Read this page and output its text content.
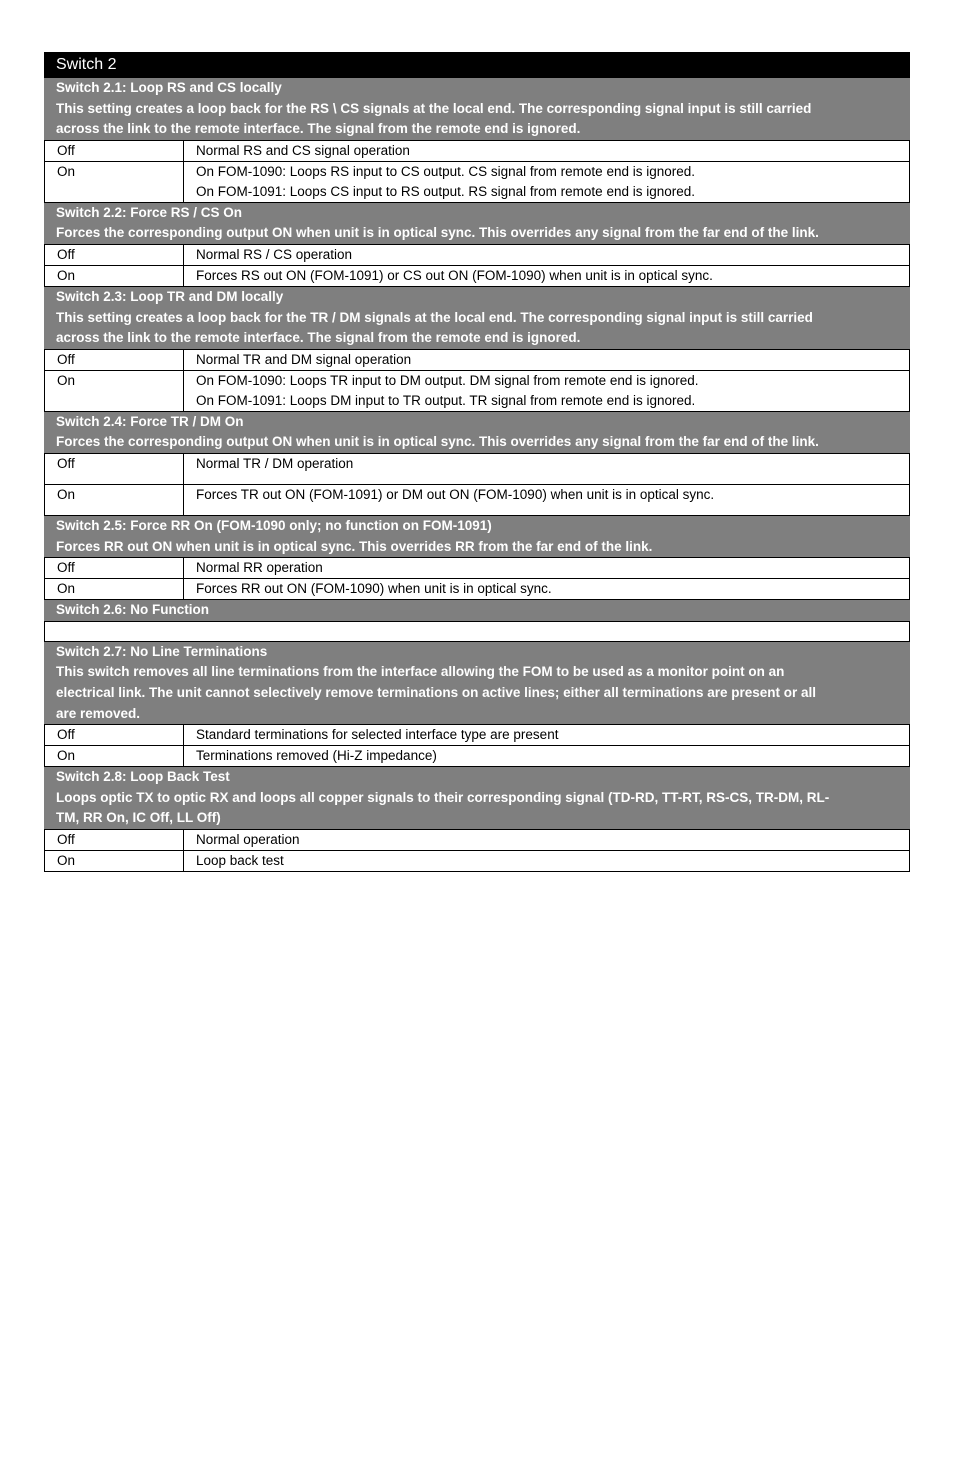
Switch 2
Switch 2.1: Loop RS and CS locally
This setting creates a loop back for the RS \ CS signals at the local end. The corresponding signal input is still carried
across the link to the remote interface. The signal from the remote end is ignored.
Off	Normal RS and CS signal operation
On	On FOM-1090: Loops RS input to CS output. CS signal from remote end is ignored.
On FOM-1091: Loops CS input to RS output. RS signal from remote end is ignored.
Switch 2.2: Force RS / CS On
Forces the corresponding output ON when unit is in optical sync. This overrides any signal from the far end of the link.
Off	Normal RS / CS operation
On	Forces RS out ON (FOM-1091) or CS out ON (FOM-1090) when unit is in optical sync.
Switch 2.3: Loop TR and DM locally
This setting creates a loop back for the TR / DM signals at the local end. The corresponding signal input is still carried
across the link to the remote interface. The signal from the remote end is ignored.
Off	Normal TR and DM signal operation
On	On FOM-1090: Loops TR input to DM output. DM signal from remote end is ignored.
On FOM-1091: Loops DM input to TR output. TR signal from remote end is ignored.
Switch 2.4: Force TR / DM On
Forces the corresponding output ON when unit is in optical sync. This overrides any signal from the far end of the link.
Off	Normal TR / DM operation
On	Forces TR out ON (FOM-1091) or DM out ON (FOM-1090) when unit is in optical sync.
Switch 2.5: Force RR On (FOM-1090 only; no function on FOM-1091)
Forces RR out ON when unit is in optical sync. This overrides RR from the far end of the link.
Off	Normal RR operation
On	Forces RR out ON (FOM-1090) when unit is in optical sync.
Switch 2.6: No Function
Switch 2.7: No Line Terminations
This switch removes all line terminations from the interface allowing the FOM to be used as a monitor point on an
electrical link. The unit cannot selectively remove terminations on active lines; either all terminations are present or all
are removed.
Off	Standard terminations for selected interface type are present
On	Terminations removed (Hi-Z impedance)
Switch 2.8: Loop Back Test
Loops optic TX to optic RX and loops all copper signals to their corresponding signal (TD-RD, TT-RT, RS-CS, TR-DM, RL-
TM, RR On, IC Off, LL Off)
Off	Normal operation
On	Loop back test
